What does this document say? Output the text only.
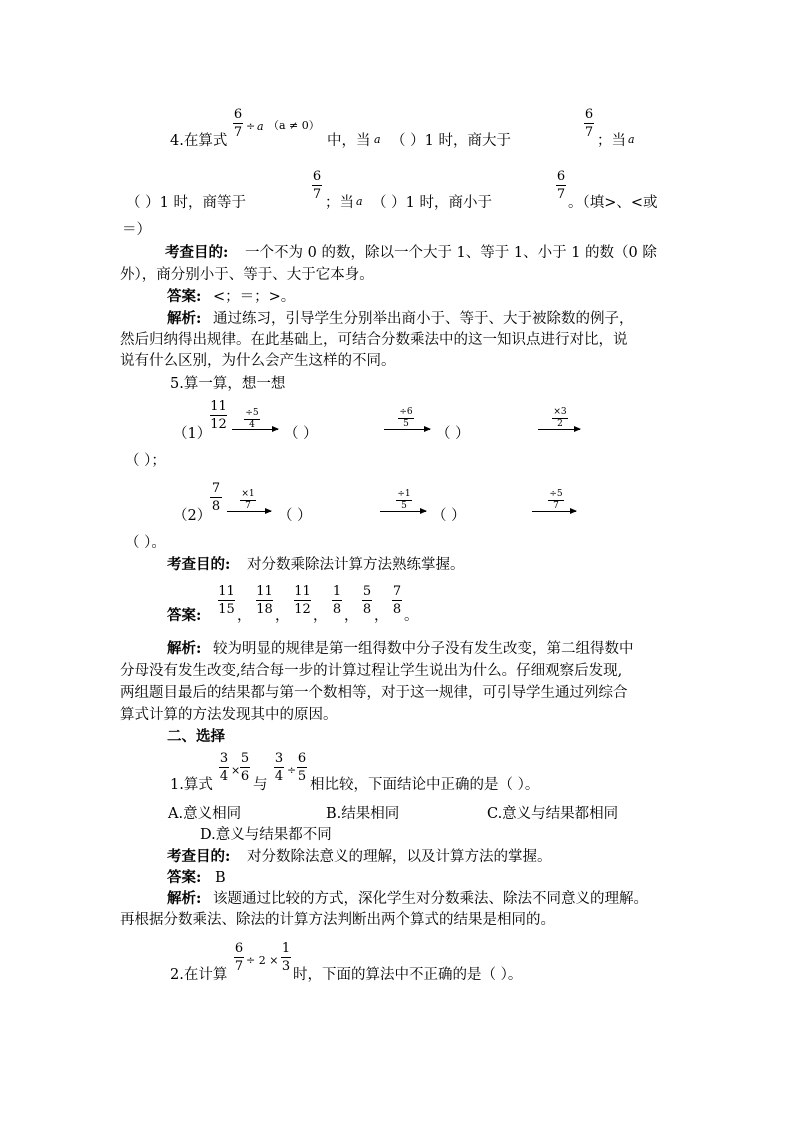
4.在算式
6
7 ÷ a （a ≠ 0）
中，当 a （ ）1 时，商大于
6
7
；当 a
（ ）1 时，商等于
6
7
；当 a （ ）1 时，商小于
6
7
。（填>、<或
＝）
考查目的: 一个不为 0 的数，除以一个大于 1、等于 1、小于 1 的数（0 除
外），商分别小于、等于、大于它本身。
答案: <；＝；>。
解析: 通过练习，引导学生分别举出商小于、等于、大于被除数的例子，
然后归纳得出规律。在此基础上，可结合分数乘法中的这一知识点进行对比，说
说有什么区别，为什么会产生这样的不同。
5.算一算，想一想
（1）
11
12
÷5
4
（ ）
÷6
5
（ ）
×3
2
（ ）；
（2）
7
8
×1
7
（ ）
÷1
5
（ ）
÷5
7
（ ）。
考查目的: 对分数乘除法计算方法熟练掌握。
答案:
11
15 ，
11
18 ，
11
12 ，
1
8 ，
5
8 ，
7
8 。
解析: 较为明显的规律是第一组得数中分子没有发生改变，第二组得数中
分母没有发生改变,结合每一步的计算过程让学生说出为什么。仔细观察后发现,
两组题目最后的结果都与第一个数相等，对于这一规律，可引导学生通过列综合
算式计算的方法发现其中的原因。
二、选择
1.算式
3
4 ×
5
6
与
3
4 ÷
6
5
相比较，下面结论中正确的是（ ）。
A.意义相同	B.结果相同	C.意义与结果都相同
D.意义与结果都不同
考查目的: 对分数除法意义的理解，以及计算方法的掌握。
答案: B
解析: 该题通过比较的方式，深化学生对分数乘法、除法不同意义的理解。
再根据分数乘法、除法的计算方法判断出两个算式的结果是相同的。
2.在计算
6
7 ÷ 2 ×
1
3
时，下面的算法中不正确的是（ ）。
